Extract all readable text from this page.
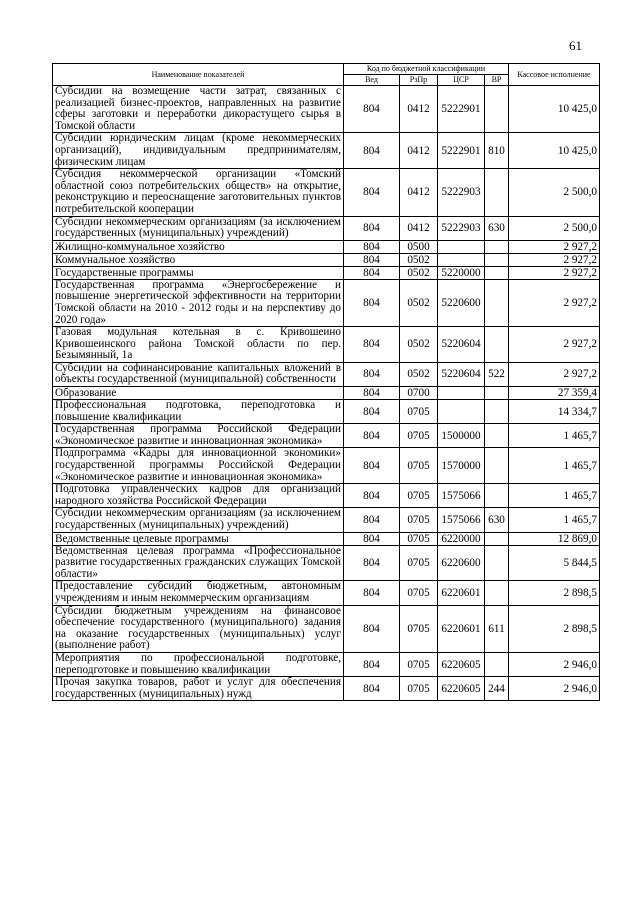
61
Наименование показателей	Код по бюджетной классификации				Кассовое исполнение
	Вед	РзПр	ЦСР	ВР	
Субсидии на возмещение части затрат, связанных с реализацией бизнес-проектов, направленных на развитие сферы заготовки и переработки дикорастущего сырья в Томской области	804	0412	5222901		10 425,0
Субсидии юридическим лицам (кроме некоммерческих организаций), индивидуальным предпринимателям, физическим лицам	804	0412	5222901	810	10 425,0
Субсидия некоммерческой организации «Томский областной союз потребительских обществ» на открытие, реконструкцию и переоснащение заготовительных пунктов потребительской кооперации	804	0412	5222903		2 500,0
Субсидии некоммерческим организациям (за исключением государственных (муниципальных) учреждений)	804	0412	5222903	630	2 500,0
Жилищно-коммунальное хозяйство	804	0500			2 927,2
Коммунальное хозяйство	804	0502			2 927,2
Государственные программы	804	0502	5220000		2 927,2
Государственная программа «Энергосбережение и повышение энергетической эффективности на территории Томской области на 2010 - 2012 годы и на перспективу до 2020 года»	804	0502	5220600		2 927,2
Газовая модульная котельная в с. Кривошеино Кривошеинского района Томской области по пер. Безымянный, 1а	804	0502	5220604		2 927,2
Субсидии на софинансирование капитальных вложений в объекты государственной (муниципальной) собственности	804	0502	5220604	522	2 927,2
Образование	804	0700			27 359,4
Профессиональная подготовка, переподготовка и повышение квалификации	804	0705			14 334,7
Государственная программа Российской Федерации «Экономическое развитие и инновационная экономика»	804	0705	1500000		1 465,7
Подпрограмма «Кадры для инновационной экономики» государственной программы Российской Федерации «Экономическое развитие и инновационная экономика»	804	0705	1570000		1 465,7
Подготовка управленческих кадров для организаций народного хозяйства Российской Федерации	804	0705	1575066		1 465,7
Субсидии некоммерческим организациям (за исключением государственных (муниципальных) учреждений)	804	0705	1575066	630	1 465,7
Ведомственные целевые программы	804	0705	6220000		12 869,0
Ведомственная целевая программа «Профессиональное развитие государственных гражданских служащих Томской области»	804	0705	6220600		5 844,5
Предоставление субсидий бюджетным, автономным учреждениям и иным некоммерческим организациям	804	0705	6220601		2 898,5
Субсидии бюджетным учреждениям на финансовое обеспечение государственного (муниципального) задания на оказание государственных (муниципальных) услуг (выполнение работ)	804	0705	6220601	611	2 898,5
Мероприятия по профессиональной подготовке, переподготовке и повышению квалификации	804	0705	6220605		2 946,0
Прочая закупка товаров, работ и услуг для обеспечения государственных (муниципальных) нужд	804	0705	6220605	244	2 946,0
